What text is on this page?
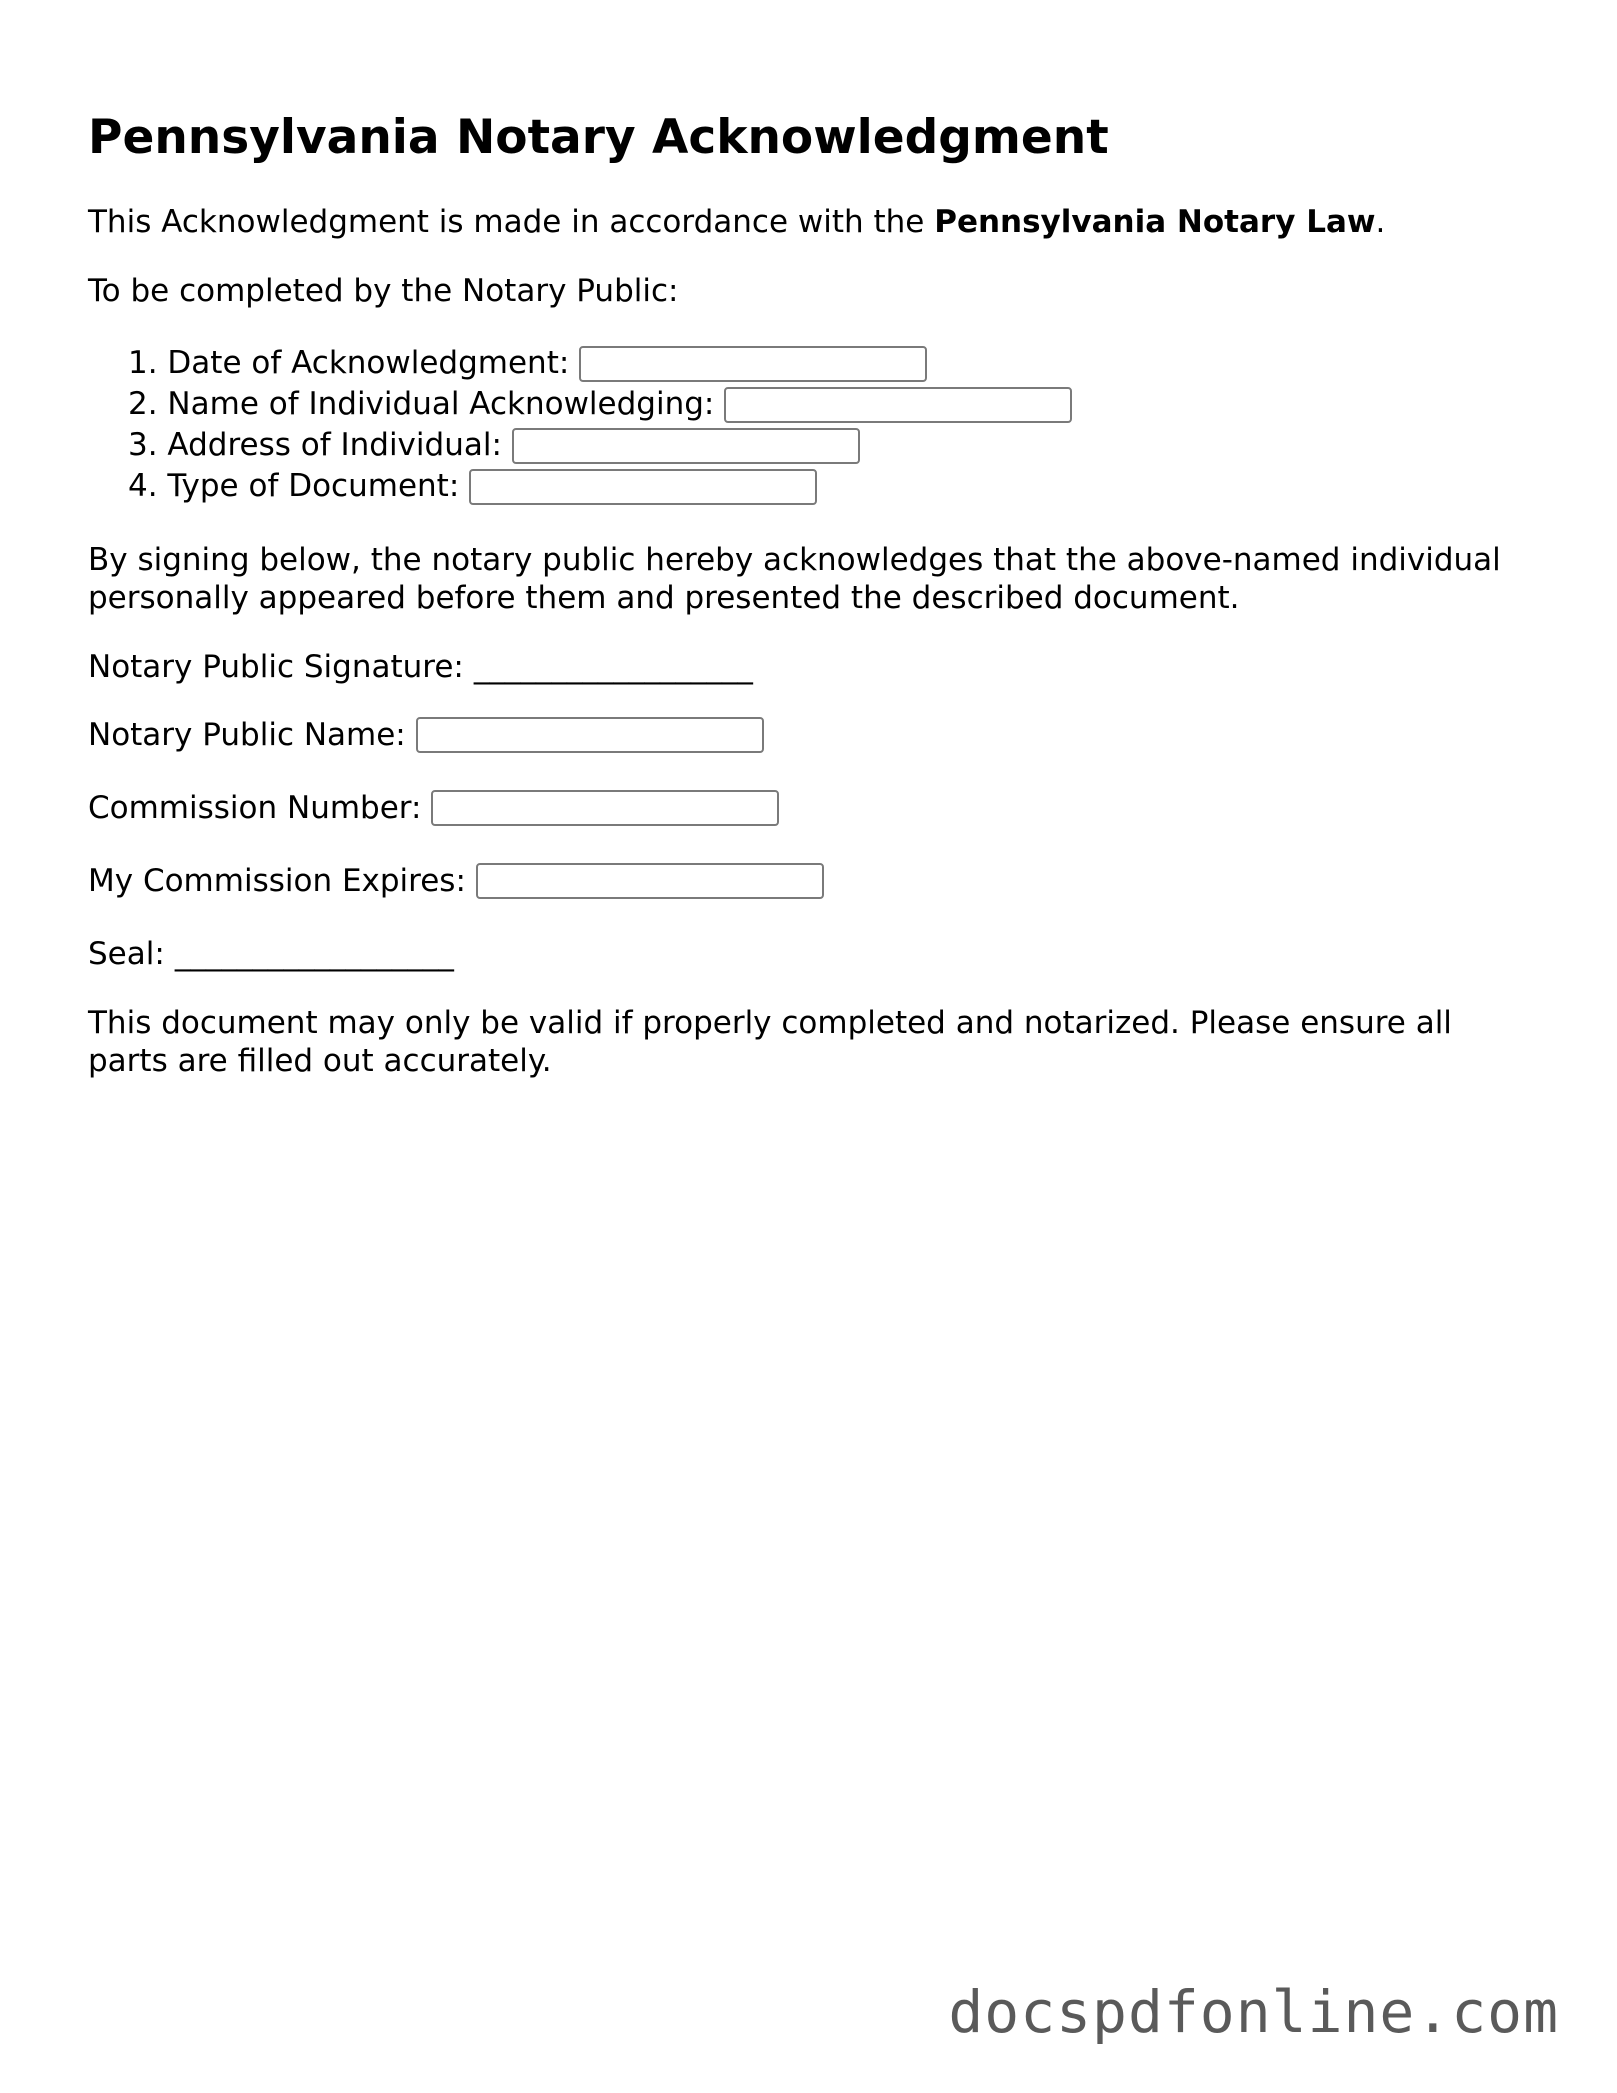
Pennsylvania Notary Acknowledgment

This Acknowledgment is made in accordance with the Pennsylvania Notary Law.

To be completed by the Notary Public:

1. Date of Acknowledgment:
2. Name of Individual Acknowledging:
3. Address of Individual:
4. Type of Document:

By signing below, the notary public hereby acknowledges that the above-named individual

personally appeared before them and presented the described document.

Notary Public Signature: __________________
Notary Public Name:
Commission Number:
My Commission Expires:
Seal: __________________

This document may only be valid if properly completed and notarized. Please ensure all

parts are filled out accurately.

docspdfonline.com
